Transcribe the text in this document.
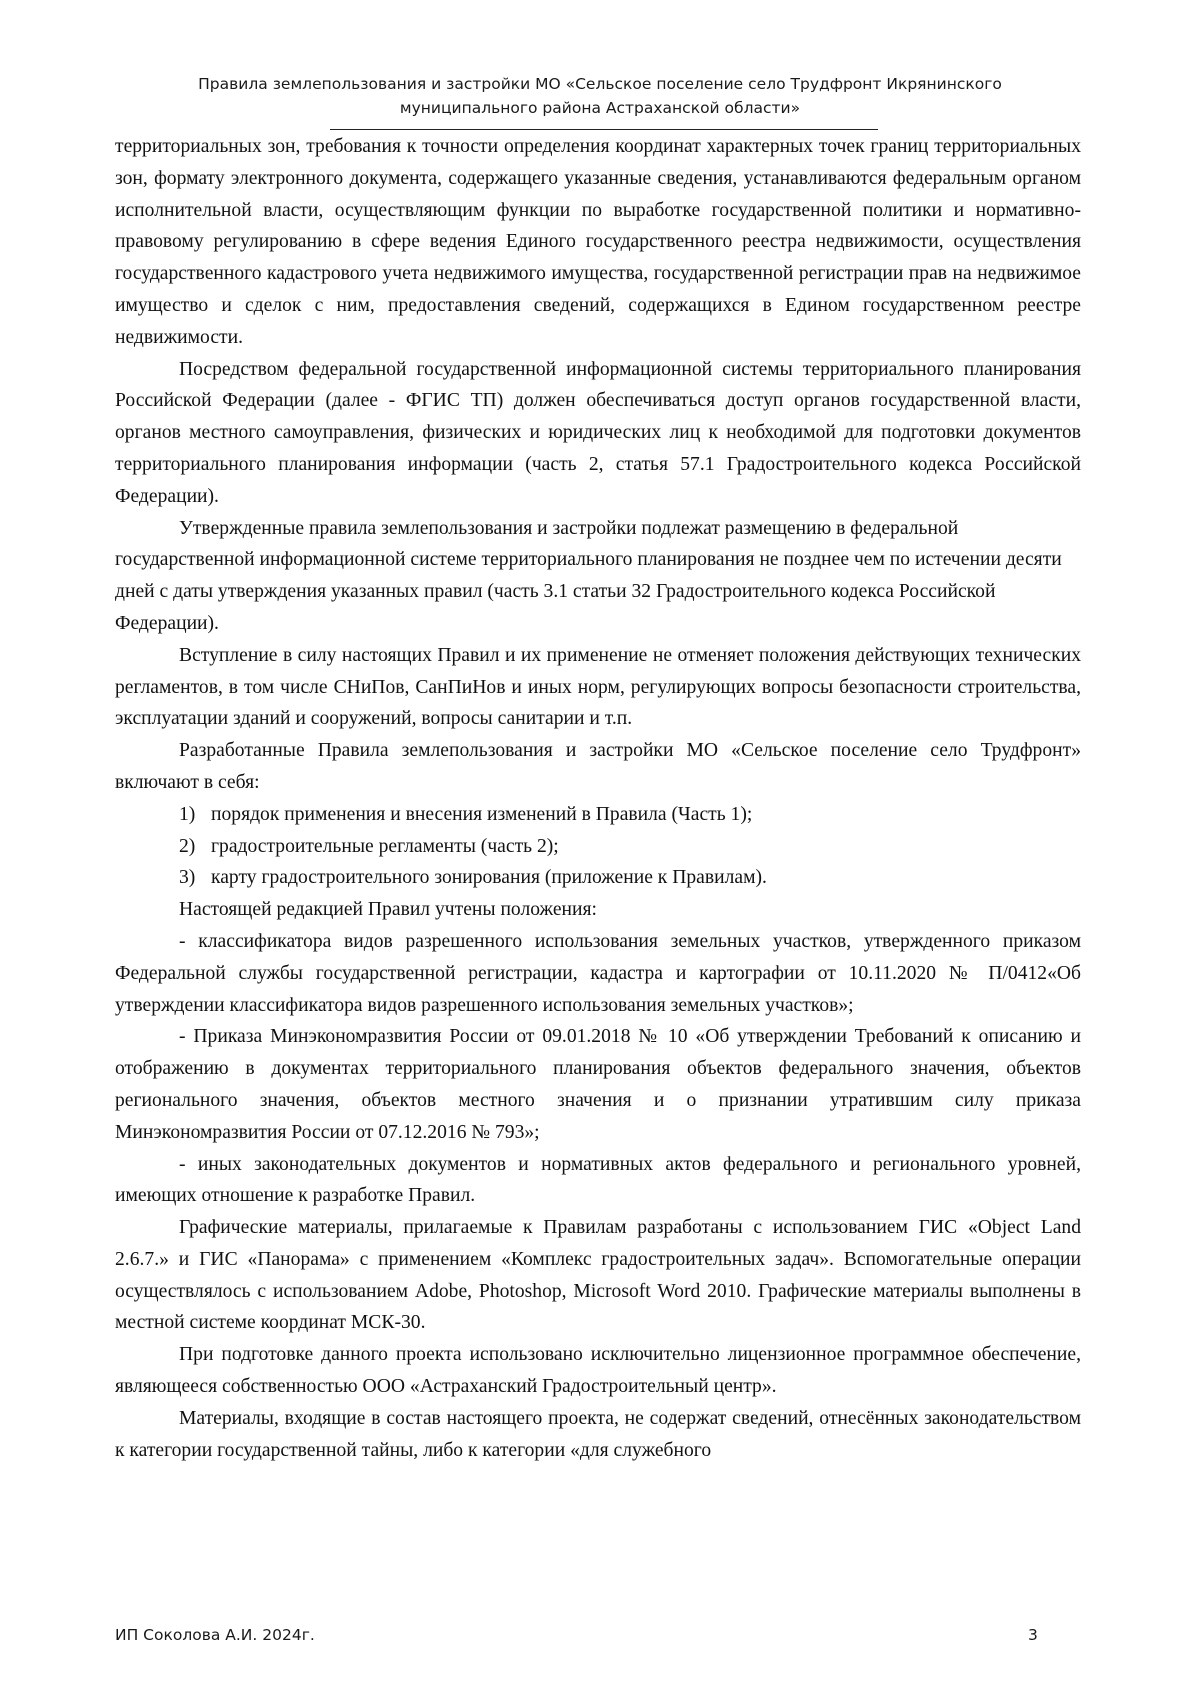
Правила землепользования и застройки МО «Сельское поселение село Трудфронт Икрянинского
муниципального района Астраханской области»

территориальных зон, требования к точности определения координат характерных точек границ территориальных зон, формату электронного документа, содержащего указанные сведения, устанавливаются федеральным органом исполнительной власти, осуществляющим функции по выработке государственной политики и нормативно-правовому регулированию в сфере ведения Единого государственного реестра недвижимости, осуществления государственного кадастрового учета недвижимого имущества, государственной регистрации прав на недвижимое имущество и сделок с ним, предоставления сведений, содержащихся в Едином государственном реестре недвижимости.

Посредством федеральной государственной информационной системы территориального планирования Российской Федерации (далее - ФГИС ТП) должен обеспечиваться доступ органов государственной власти, органов местного самоуправления, физических и юридических лиц к необходимой для подготовки документов территориального планирования информации (часть 2, статья 57.1 Градостроительного кодекса Российской Федерации).

Утвержденные правила землепользования и застройки подлежат размещению в федеральной государственной информационной системе территориального планирования не позднее чем по истечении десяти дней с даты утверждения указанных правил (часть 3.1 статьи 32 Градостроительного кодекса Российской Федерации).

Вступление в силу настоящих Правил и их применение не отменяет положения действующих технических регламентов, в том числе СНиПов, СанПиНов и иных норм, регулирующих вопросы безопасности строительства, эксплуатации зданий и сооружений, вопросы санитарии и т.п.

Разработанные Правила землепользования и застройки МО «Сельское поселение село Трудфронт» включают в себя:

1) порядок применения и внесения изменений в Правила (Часть 1);
2) градостроительные регламенты (часть 2);
3) карту градостроительного зонирования (приложение к Правилам).

Настоящей редакцией Правил учтены положения:

- классификатора видов разрешенного использования земельных участков, утвержденного приказом Федеральной службы государственной регистрации, кадастра и картографии от 10.11.2020 № П/0412«Об утверждении классификатора видов разрешенного использования земельных участков»;

- Приказа Минэкономразвития России от 09.01.2018 № 10 «Об утверждении Требований к описанию и отображению в документах территориального планирования объектов федерального значения, объектов регионального значения, объектов местного значения и о признании утратившим силу приказа Минэкономразвития России от 07.12.2016 № 793»;

- иных законодательных документов и нормативных актов федерального и регионального уровней, имеющих отношение к разработке Правил.

Графические материалы, прилагаемые к Правилам разработаны с использованием ГИС «Object Land 2.6.7.» и ГИС «Панорама» с применением «Комплекс градостроительных задач». Вспомогательные операции осуществлялось с использованием Adobe, Photoshop, Microsoft Word 2010. Графические материалы выполнены в местной системе координат МСК-30.

При подготовке данного проекта использовано исключительно лицензионное программное обеспечение, являющееся собственностью ООО «Астраханский Градостроительный центр».

Материалы, входящие в состав настоящего проекта, не содержат сведений, отнесённых законодательством к категории государственной тайны, либо к категории «для служебного

ИП Соколова А.И. 2024г.	3
